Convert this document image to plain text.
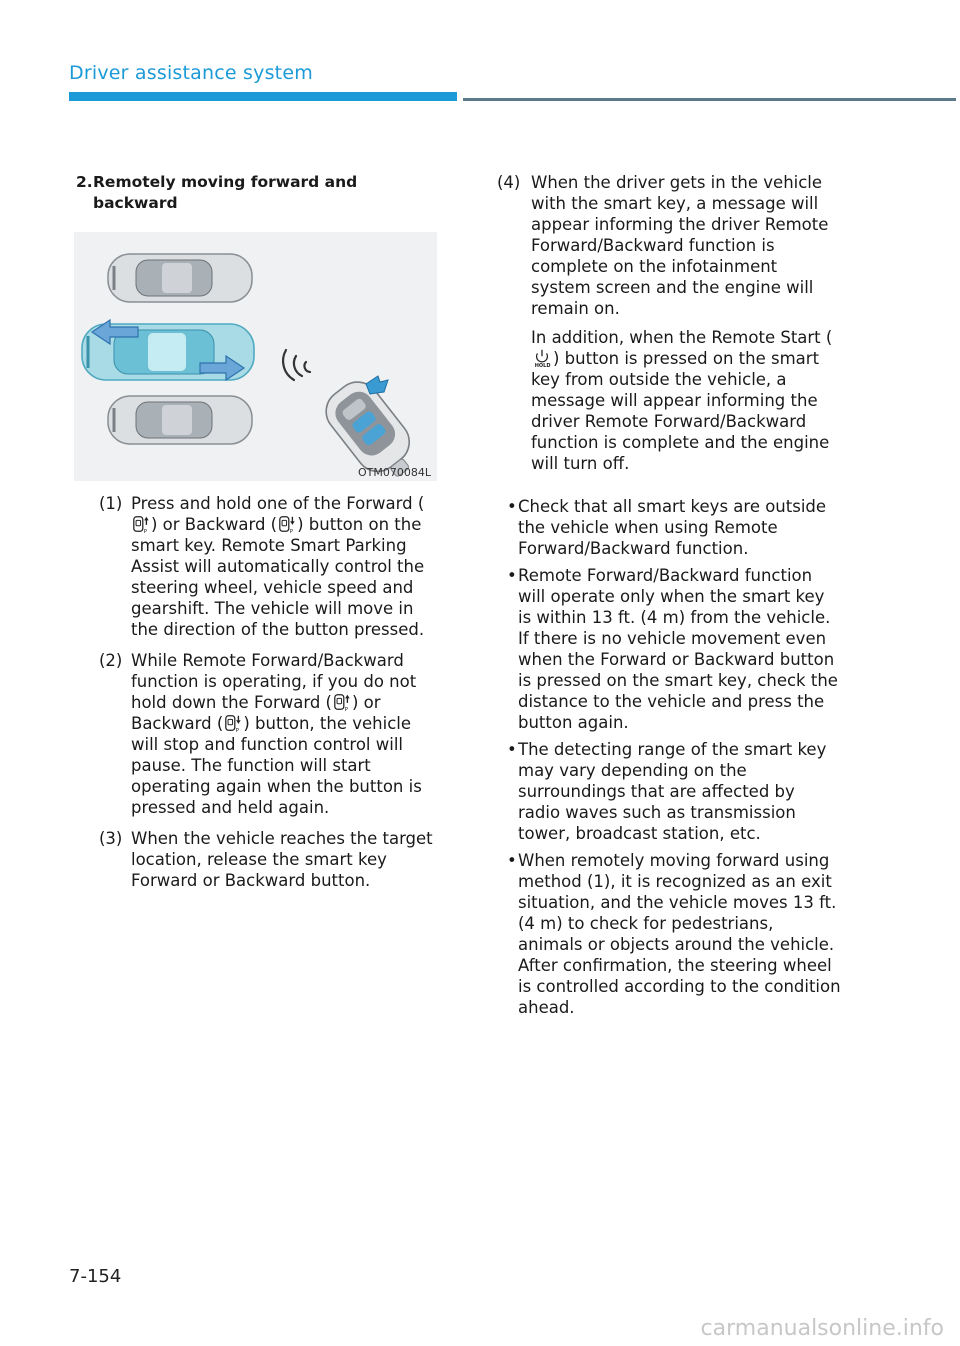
Driver assistance system
2. Remotely moving forward and backward
OTM070084L
(1) Press and hold one of the Forward () or Backward ( ) button on the smart key. Remote Smart Parking Assist will automatically control the steering wheel, vehicle speed and gearshift. The vehicle will move in the direction of the button pressed.
(2) While Remote Forward/Backward function is operating, if you do not hold down the Forward ( ) or Backward ( ) button, the vehicle will stop and function control will pause. The function will start operating again when the button is pressed and held again.
(3) When the vehicle reaches the target location, release the smart key Forward or Backward button.
(4) When the driver gets in the vehicle with the smart key, a message will appear informing the driver Remote Forward/Backward function is complete on the infotainment system screen and the engine will remain on.

In addition, when the Remote Start () button is pressed on the smart key from outside the vehicle, a message will appear informing the driver Remote Forward/Backward function is complete and the engine will turn off.

• Check that all smart keys are outside the vehicle when using Remote Forward/Backward function.
• Remote Forward/Backward function will operate only when the smart key is within 13 ft. (4 m) from the vehicle. If there is no vehicle movement even when the Forward or Backward button is pressed on the smart key, check the distance to the vehicle and press the button again.
• The detecting range of the smart key may vary depending on the surroundings that are affected by radio waves such as transmission tower, broadcast station, etc.
• When remotely moving forward using method (1), it is recognized as an exit situation, and the vehicle moves 13 ft. (4 m) to check for pedestrians, animals or objects around the vehicle. After confirmation, the steering wheel is controlled according to the condition ahead.
7-154
carmanualsonline.info
